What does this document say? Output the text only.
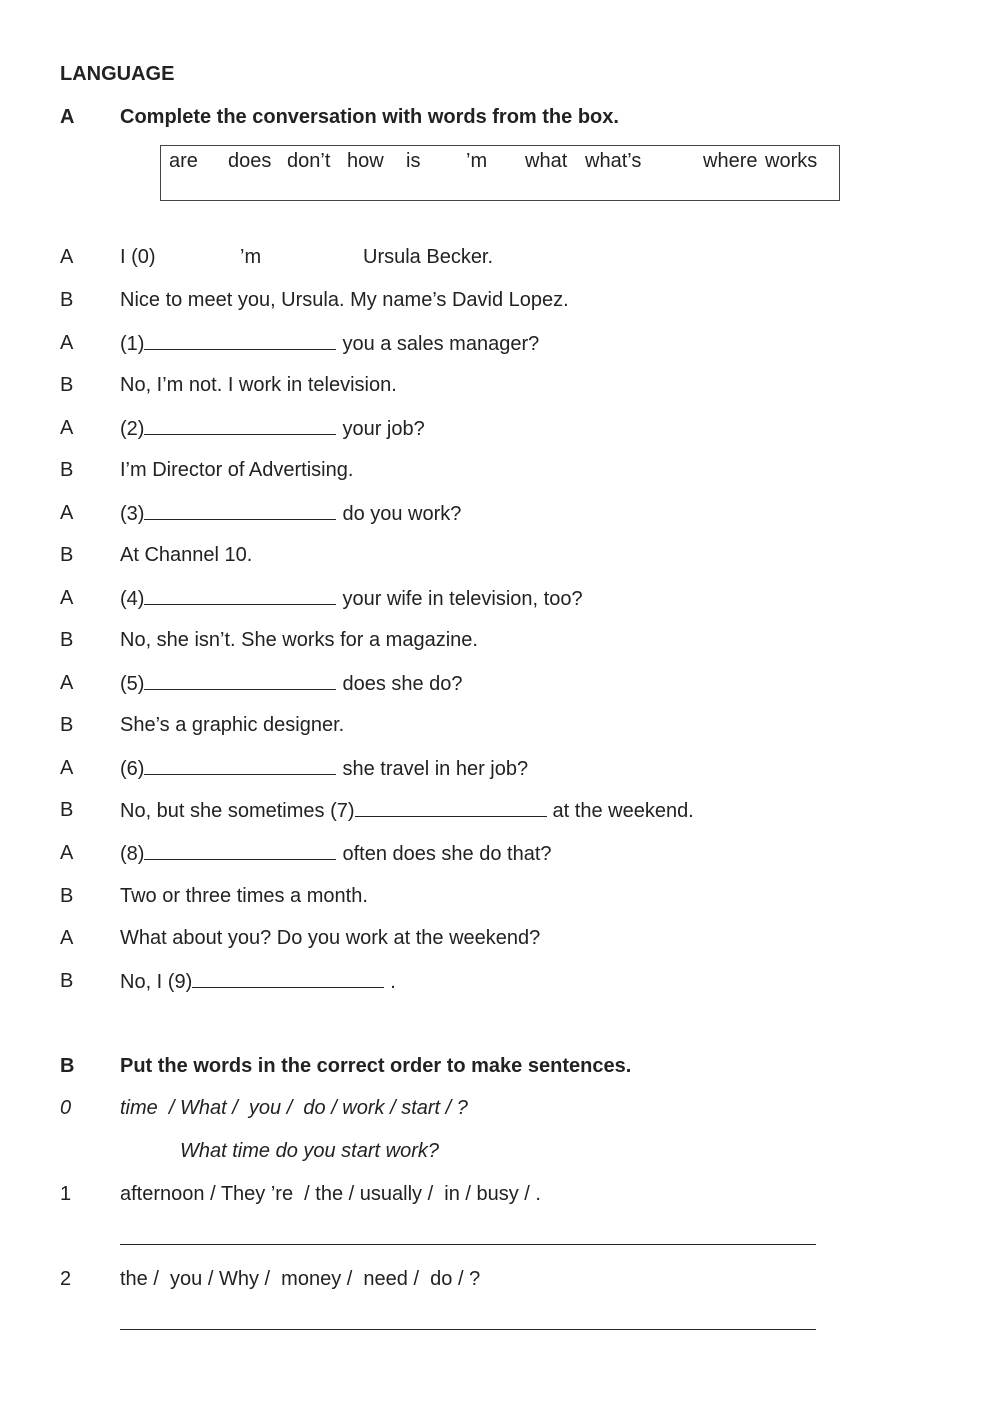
LANGUAGE
A Complete the conversation with words from the box.
are does don’t how is ’m what what’s	where works
A I (0)	’m	Ursula Becker.
B Nice to meet you, Ursula. My name’s David Lopez.
A (1)	you a sales manager?
B No, I’m not. I work in television.
A (2)	your job?
B I’m Director of Advertising.
A (3)	do you work?
B At Channel 10.
A (4)	your wife in television, too?
B No, she isn’t. She works for a magazine.
A (5)	does she do?
B She’s a graphic designer.
A (6)	she travel in her job?
B No, but she sometimes (7)	at the weekend.
A (8)	often does she do that?
B Two or three times a month.
A What about you? Do you work at the weekend?
B No, I (9)	.
B Put the words in the correct order to make sentences.
0 time  / What /  you /  do / work / start / ?
What time do you start work?
1 afternoon / They ’re  / the / usually /  in / busy / .
2 the /  you / Why /  money /  need /  do / ?
